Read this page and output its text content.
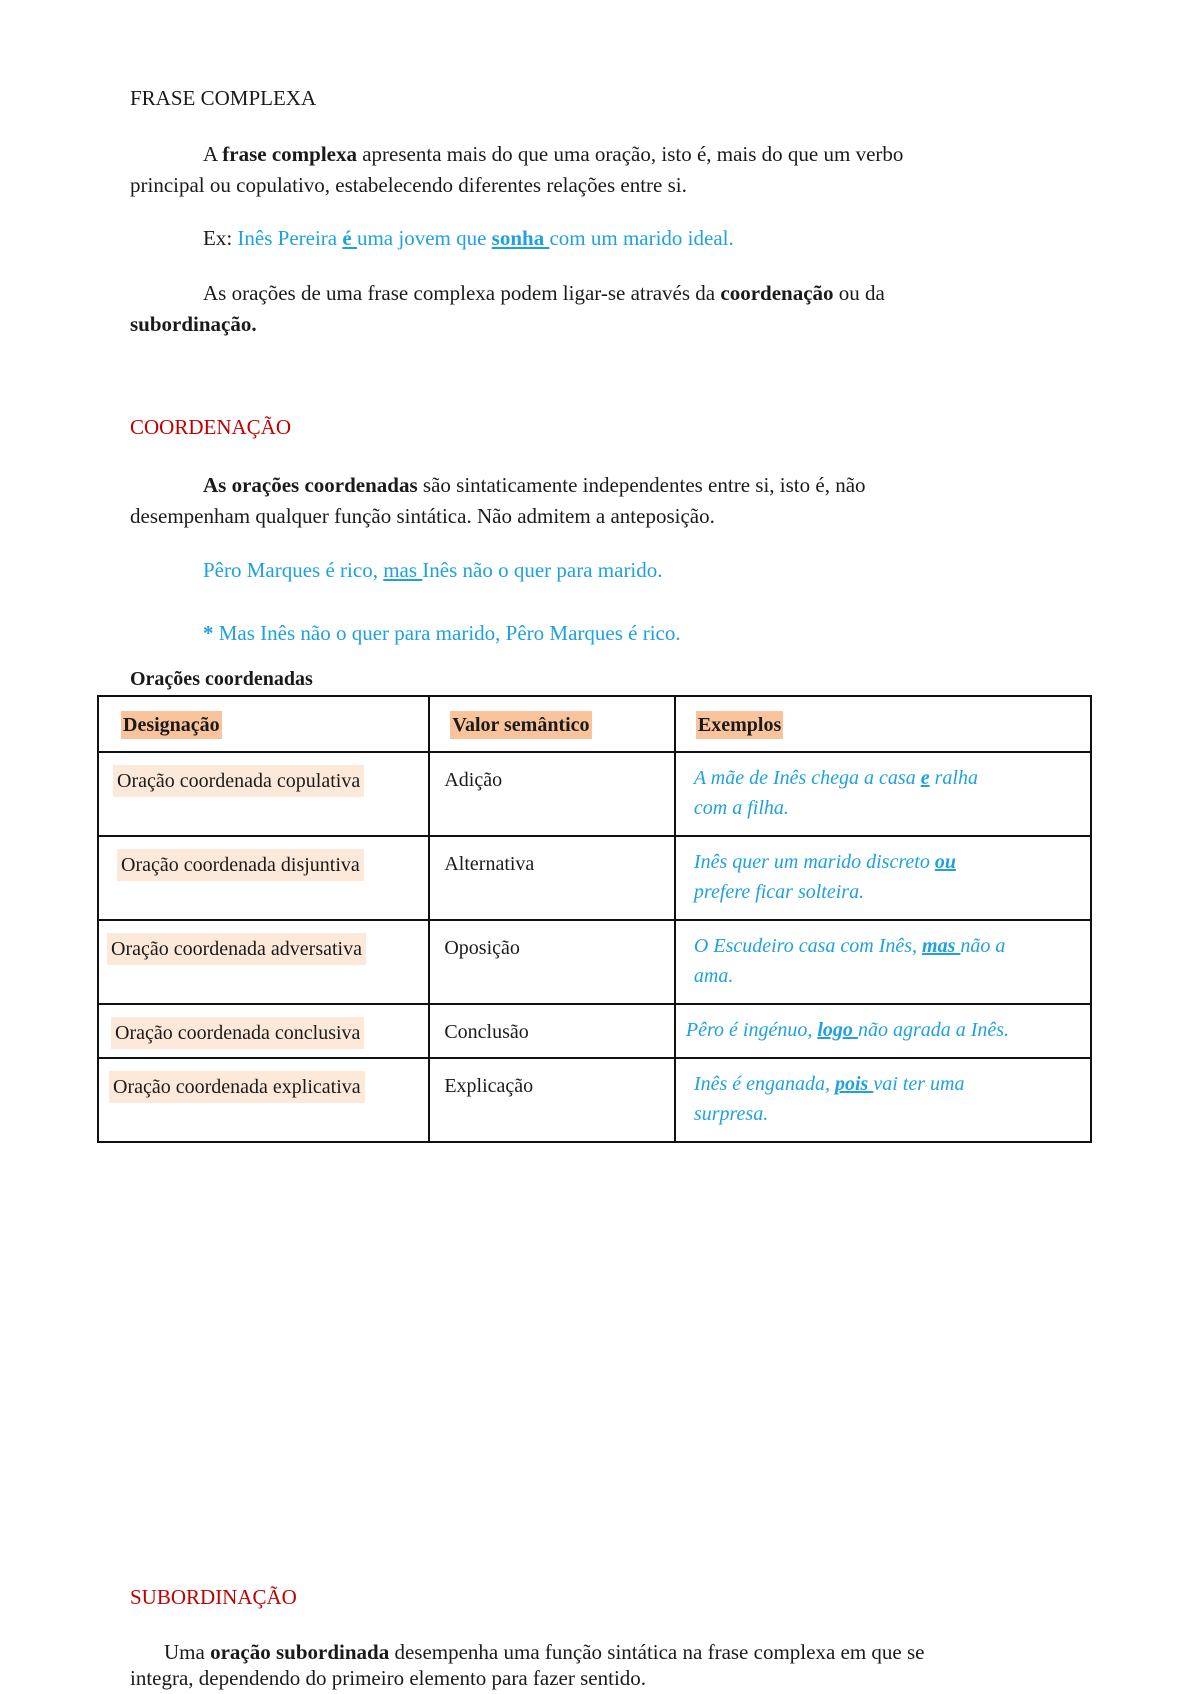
FRASE COMPLEXA

A frase complexa apresenta mais do que uma oração, isto é, mais do que um verbo

principal ou copulativo, estabelecendo diferentes relações entre si.

Ex: Inês Pereira é uma jovem que sonha com um marido ideal.

As orações de uma frase complexa podem ligar-se através da coordenação ou da

subordinação.

COORDENAÇÃO

As orações coordenadas são sintaticamente independentes entre si, isto é, não

desempenham qualquer função sintática. Não admitem a anteposição.

Pêro Marques é rico, mas Inês não o quer para marido.

* Mas Inês não o quer para marido, Pêro Marques é rico.

Orações coordenadas

Designação	Valor semântico	Exemplos

Oração coordenada copulativa	Adição	A mãe de Inês chega a casa e ralha
com a filha.

Oração coordenada disjuntiva	Alternativa	Inês quer um marido discreto ou
prefere ficar solteira.

Oração coordenada adversativa	Oposição	O Escudeiro casa com Inês, mas não a
ama.

Oração coordenada conclusiva	Conclusão	Pêro é ingénuo, logo não agrada a Inês.

Oração coordenada explicativa	Explicação	Inês é enganada, pois vai ter uma
surpresa.

SUBORDINAÇÃO

Uma oração subordinada desempenha uma função sintática na frase complexa em que se

integra, dependendo do primeiro elemento para fazer sentido.
